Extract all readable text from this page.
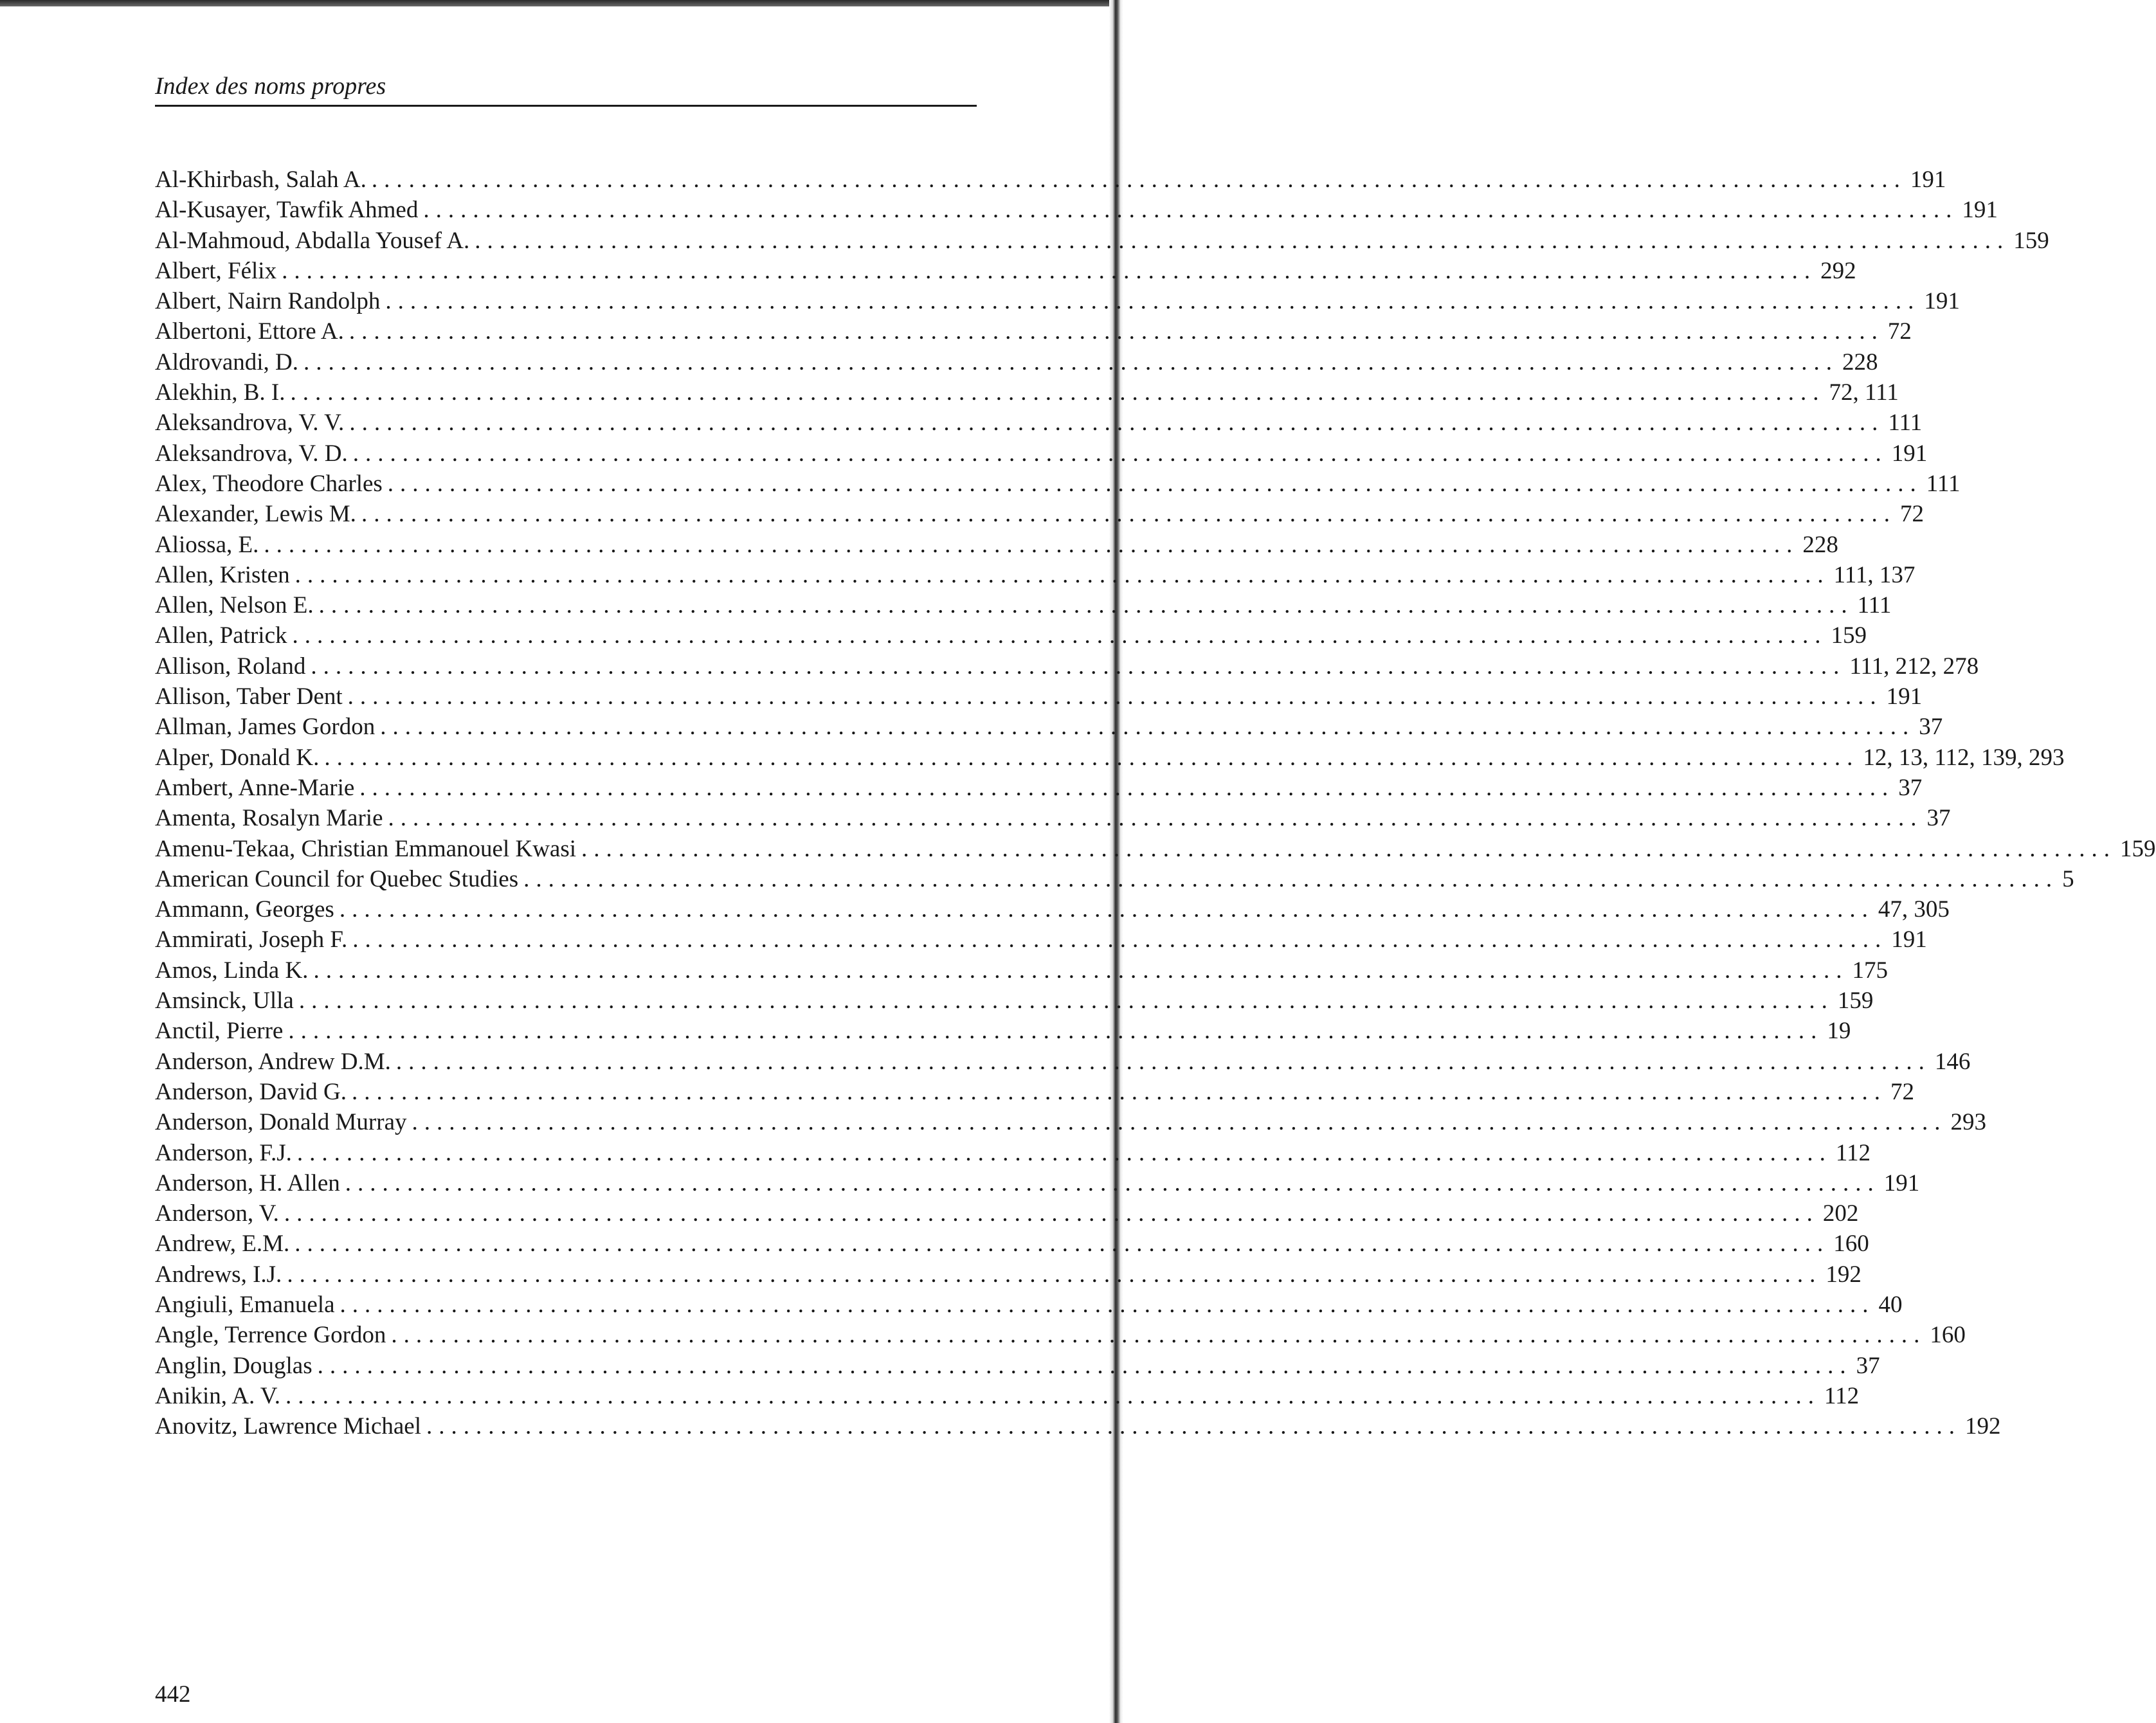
Index des noms propres
Al-Khirbash, Salah A. ............................................................................................................................ 191
Al-Kusayer, Tawfik Ahmed ............................................................................................................................ 191
Al-Mahmoud, Abdalla Yousef A. ............................................................................................................................ 159
Albert, Félix ............................................................................................................................ 292
Albert, Nairn Randolph ............................................................................................................................ 191
Albertoni, Ettore A. ............................................................................................................................ 72
Aldrovandi, D. ............................................................................................................................ 228
Alekhin, B. I. ............................................................................................................................ 72, 111
Aleksandrova, V. V. ............................................................................................................................ 111
Aleksandrova, V. D. ............................................................................................................................ 191
Alex, Theodore Charles ............................................................................................................................ 111
Alexander, Lewis M. ............................................................................................................................ 72
Aliossa, E. ............................................................................................................................ 228
Allen, Kristen ............................................................................................................................ 111, 137
Allen, Nelson E. ............................................................................................................................ 111
Allen, Patrick ............................................................................................................................ 159
Allison, Roland ............................................................................................................................ 111, 212, 278
Allison, Taber Dent ............................................................................................................................ 191
Allman, James Gordon ............................................................................................................................ 37
Alper, Donald K. ............................................................................................................................ 12, 13, 112, 139, 293
Ambert, Anne-Marie ............................................................................................................................ 37
Amenta, Rosalyn Marie ............................................................................................................................ 37
Amenu-Tekaa, Christian Emmanouel Kwasi ............................................................................................................................ 159
American Council for Quebec Studies ............................................................................................................................ 5
Ammann, Georges ............................................................................................................................ 47, 305
Ammirati, Joseph F. ............................................................................................................................ 191
Amos, Linda K. ............................................................................................................................ 175
Amsinck, Ulla ............................................................................................................................ 159
Anctil, Pierre ............................................................................................................................ 19
Anderson, Andrew D.M. ............................................................................................................................ 146
Anderson, David G. ............................................................................................................................ 72
Anderson, Donald Murray ............................................................................................................................ 293
Anderson, F.J. ............................................................................................................................ 112
Anderson, H. Allen ............................................................................................................................ 191
Anderson, V. ............................................................................................................................ 202
Andrew, E.M. ............................................................................................................................ 160
Andrews, I.J. ............................................................................................................................ 192
Angiuli, Emanuela ............................................................................................................................ 40
Angle, Terrence Gordon ............................................................................................................................ 160
Anglin, Douglas ............................................................................................................................ 37
Anikin, A. V. ............................................................................................................................ 112
Anovitz, Lawrence Michael ............................................................................................................................ 192
442
